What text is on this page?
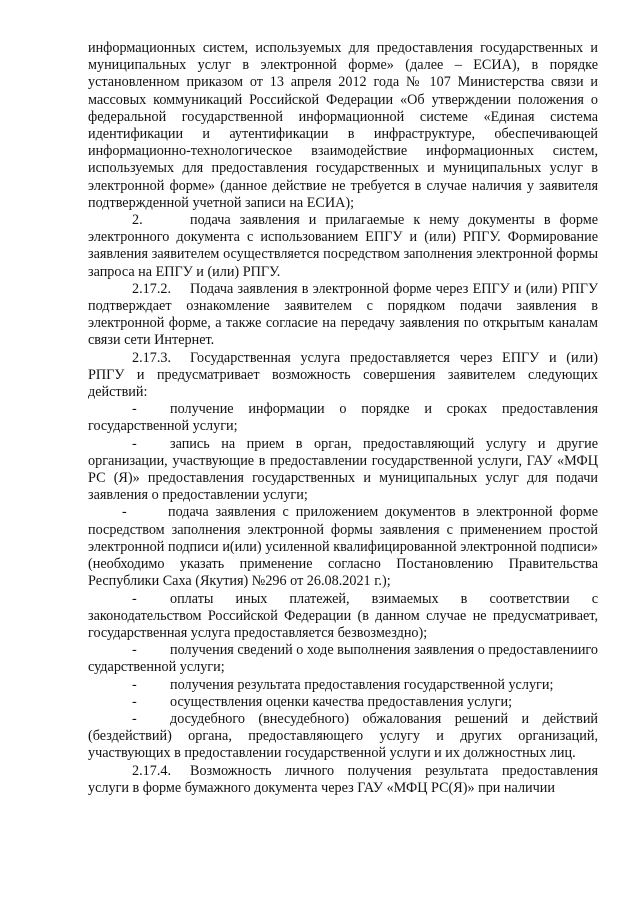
информационных систем, используемых для предоставления государственных и муниципальных услуг в электронной форме» (далее – ЕСИА), в порядке установленном приказом от 13 апреля 2012 года № 107 Министерства связи и массовых коммуникаций Российской Федерации «Об утверждении положения о федеральной государственной информационной системе «Единая система идентификации и аутентификации в инфраструктуре, обеспечивающей информационно-технологическое взаимодействие информационных систем, используемых для предоставления государственных и муниципальных услуг в электронной форме» (данное действие не требуется в случае наличия у заявителя подтвержденной учетной записи на ЕСИА);

2.	подача заявления и прилагаемые к нему документы в форме электронного документа с использованием ЕПГУ и (или) РПГУ. Формирование заявления заявителем осуществляется посредством заполнения электронной формы запроса на ЕПГУ и (или) РПГУ.

2.17.2. Подача заявления в электронной форме через ЕПГУ и (или) РПГУ подтверждает ознакомление заявителем с порядком подачи заявления в электронной форме, а также согласие на передачу заявления по открытым каналам связи сети Интернет.

2.17.3. Государственная услуга предоставляется через ЕПГУ и (или) РПГУ и предусматривает возможность совершения заявителем следующих действий:

- получение информации о порядке и сроках предоставления государственной услуги;

- запись на прием в орган, предоставляющий услугу и другие организации, участвующие в предоставлении государственной услуги, ГАУ «МФЦ РС (Я)» предоставления государственных и муниципальных услуг для подачи заявления о предоставлении услуги;

-	подача заявления с приложением документов в электронной форме посредством заполнения электронной формы заявления с применением простой электронной подписи и(или) усиленной квалифицированной электронной подписи» (необходимо указать применение согласно Постановлению Правительства Республики Саха (Якутия) №296 от 26.08.2021 г.);

- оплаты иных платежей, взимаемых в соответствии с законодательством Российской Федерации (в данном случае не предусматривает, государственная услуга предоставляется безвозмездно);

- получения сведений о ходе выполнения заявления о предоставленииго сударственной услуги;

- получения результата предоставления государственной услуги;

- осуществления оценки качества предоставления услуги;

- досудебного (внесудебного) обжалования решений и действий (бездействий) органа, предоставляющего услугу и других организаций, участвующих в предоставлении государственной услуги и их должностных лиц.

2.17.4. Возможность личного получения результата предоставления услуги в форме бумажного документа через ГАУ «МФЦ РС(Я)» при наличии
